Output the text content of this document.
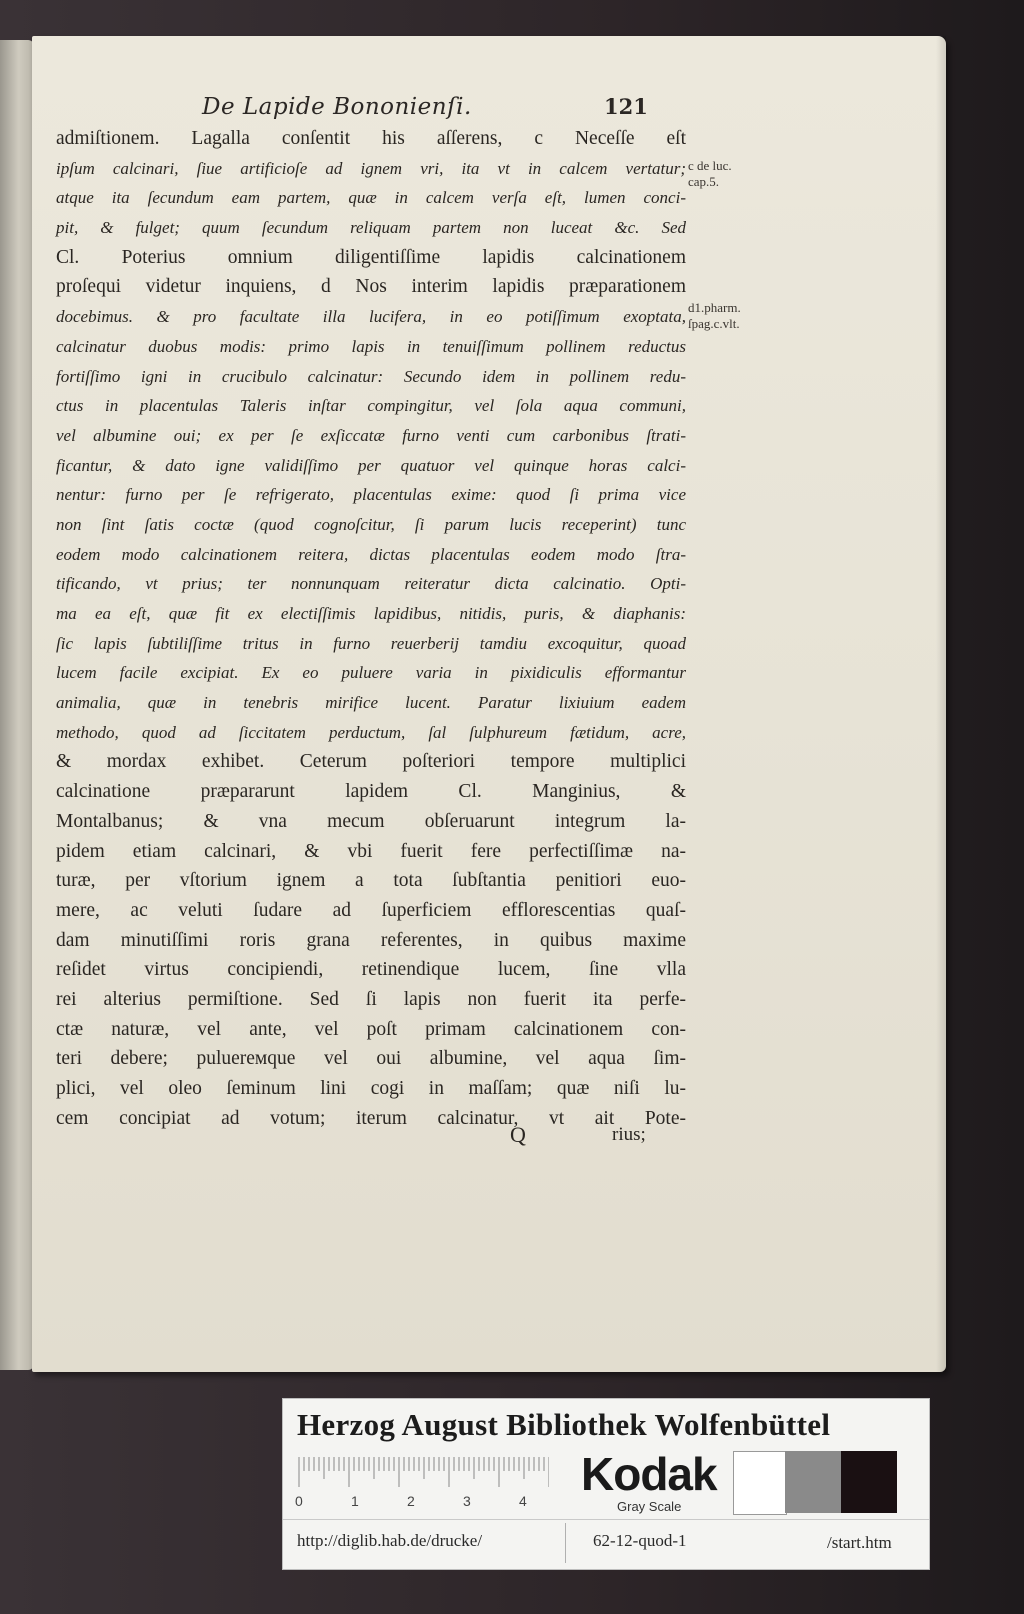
De Lapide Bononienſi.	121
admiſtionem. Lagalla conſentit his aſſerens, c Neceſſe eſt
ipſum calcinari, ſiue artificioſe ad ignem vri, ita vt in calcem vertatur;
atque ita ſecundum eam partem, quæ in calcem verſa eſt, lumen conci-
pit, & fulget; quum ſecundum reliquam partem non luceat &c. Sed
Cl. Poterius omnium diligentiſſime lapidis calcinationem
proſequi videtur inquiens, d Nos interim lapidis præparationem
docebimus. & pro facultate illa lucifera, in eo potiſſimum exoptata,
calcinatur duobus modis: primo lapis in tenuiſſimum pollinem reductus
fortiſſimo igni in crucibulo calcinatur: Secundo idem in pollinem redu-
ctus in placentulas Taleris inſtar compingitur, vel ſola aqua communi,
vel albumine oui; ex per ſe exſiccatæ furno venti cum carbonibus ſtrati-
ficantur, & dato igne validiſſimo per quatuor vel quinque horas calci-
nentur: furno per ſe refrigerato, placentulas exime: quod ſi prima vice
non ſint ſatis coctæ (quod cognoſcitur, ſi parum lucis receperint) tunc
eodem modo calcinationem reitera, dictas placentulas eodem modo ſtra-
tificando, vt prius; ter nonnunquam reiteratur dicta calcinatio. Opti-
ma ea eſt, quæ fit ex electiſſimis lapidibus, nitidis, puris, & diaphanis:
ſic lapis ſubtiliſſime tritus in furno reuerberij tamdiu excoquitur, quoad
lucem facile excipiat. Ex eo puluere varia in pixidiculis efformantur
animalia, quæ in tenebris mirifice lucent. Paratur lixiuium eadem
methodo, quod ad ſiccitatem perductum, ſal ſulphureum fætidum, acre,
& mordax exhibet. Ceterum poſteriori tempore multiplici
calcinatione præpararunt lapidem Cl. Manginius, &
Montalbanus; & vna mecum obſeruarunt integrum la-
pidem etiam calcinari, & vbi fuerit fere perfectiſſimæ na-
turæ, per vſtorium ignem a tota ſubſtantia penitiori euo-
mere, ac veluti ſudare ad ſuperficiem efflorescentias quaſ-
dam minutiſſimi roris grana referentes, in quibus maxime
reſidet virtus concipiendi, retinendique lucem, ſine vlla
rei alterius permiſtione. Sed ſi lapis non fuerit ita perfe-
ctæ naturæ, vel ante, vel poſt primam calcinationem con-
teri debere; puluereмque vel oui albumine, vel aqua ſim-
plici, vel oleo ſeminum lini cogi in maſſam; quæ niſi lu-
cem concipiat ad votum; iterum calcinatur, vt ait Pote-
c de luc.
cap.5.
d1.pharm.
ſpag.c.vlt.
Q	rius;
Herzog August Bibliothek Wolfenbüttel
0	1	2	3	4
Kodak
Gray Scale
http://diglib.hab.de/drucke/	62-12-quod-1	/start.htm
